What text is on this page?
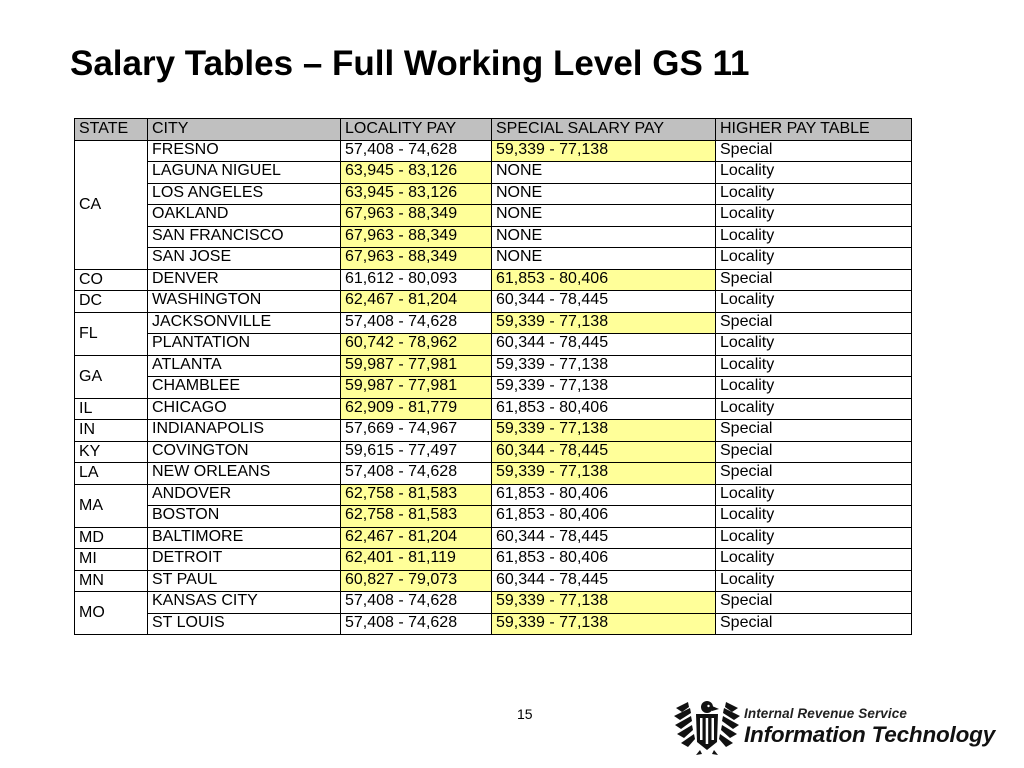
Salary Tables – Full Working Level GS 11
STATE	CITY	LOCALITY PAY	SPECIAL SALARY PAY	HIGHER PAY TABLE
CA	FRESNO	57,408 - 74,628	59,339 - 77,138	Special
	LAGUNA NIGUEL	63,945 - 83,126	NONE	Locality
	LOS ANGELES	63,945 - 83,126	NONE	Locality
	OAKLAND	67,963 - 88,349	NONE	Locality
	SAN FRANCISCO	67,963 - 88,349	NONE	Locality
	SAN JOSE	67,963 - 88,349	NONE	Locality
CO	DENVER	61,612 - 80,093	61,853 - 80,406	Special
DC	WASHINGTON	62,467 - 81,204	60,344 - 78,445	Locality
FL	JACKSONVILLE	57,408 - 74,628	59,339 - 77,138	Special
	PLANTATION	60,742 - 78,962	60,344 - 78,445	Locality
GA	ATLANTA	59,987 - 77,981	59,339 - 77,138	Locality
	CHAMBLEE	59,987 - 77,981	59,339 - 77,138	Locality
IL	CHICAGO	62,909 - 81,779	61,853 - 80,406	Locality
IN	INDIANAPOLIS	57,669 - 74,967	59,339 - 77,138	Special
KY	COVINGTON	59,615 - 77,497	60,344 - 78,445	Special
LA	NEW ORLEANS	57,408 - 74,628	59,339 - 77,138	Special
MA	ANDOVER	62,758 - 81,583	61,853 - 80,406	Locality
	BOSTON	62,758 - 81,583	61,853 - 80,406	Locality
MD	BALTIMORE	62,467 - 81,204	60,344 - 78,445	Locality
MI	DETROIT	62,401 - 81,119	61,853 - 80,406	Locality
MN	ST PAUL	60,827 - 79,073	60,344 - 78,445	Locality
MO	KANSAS CITY	57,408 - 74,628	59,339 - 77,138	Special
	ST LOUIS	57,408 - 74,628	59,339 - 77,138	Special
15	Internal Revenue Service
Information Technology
